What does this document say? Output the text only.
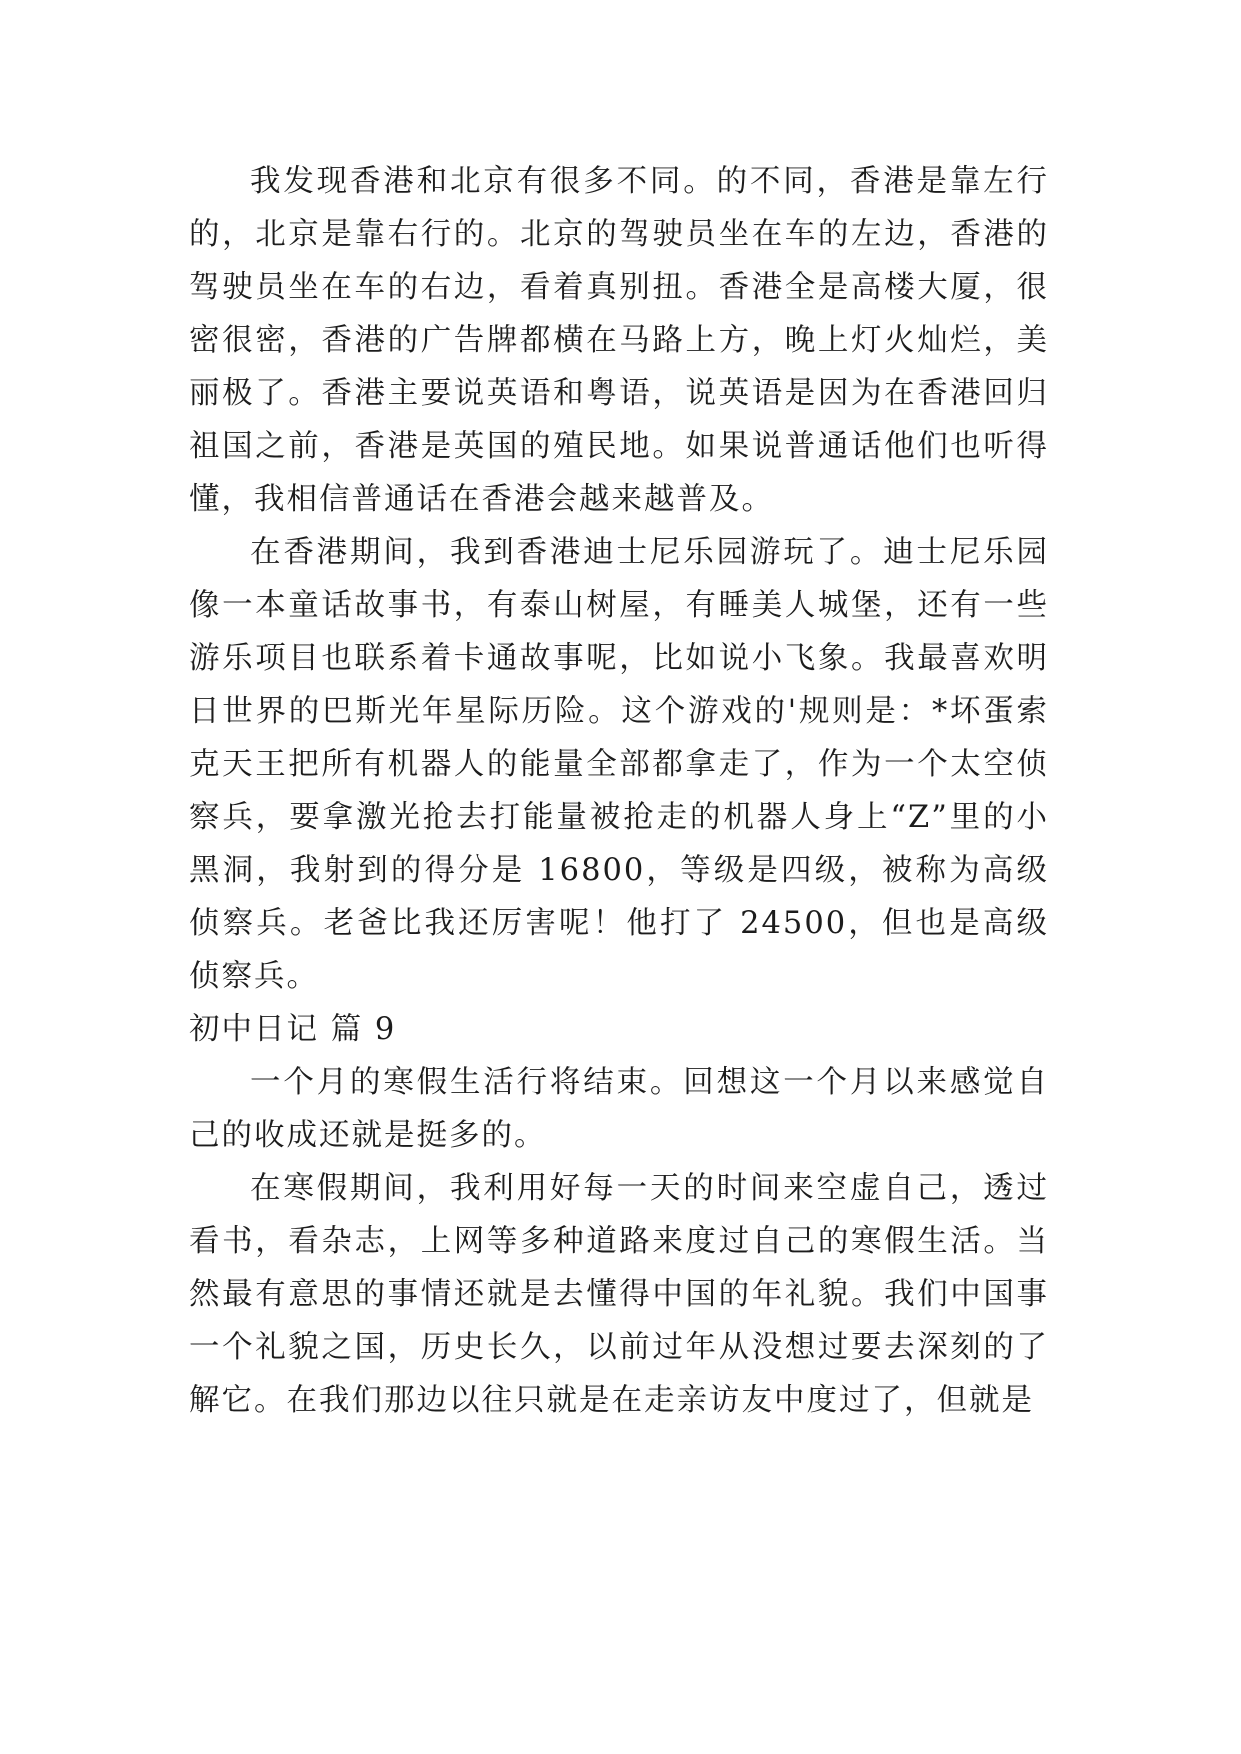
我发现香港和北京有很多不同。的不同，香港是靠左行的，北京是靠右行的。北京的驾驶员坐在车的左边，香港的驾驶员坐在车的右边，看着真别扭。香港全是高楼大厦，很密很密，香港的广告牌都横在马路上方，晚上灯火灿烂，美丽极了。香港主要说英语和粤语，说英语是因为在香港回归祖国之前，香港是英国的殖民地。如果说普通话他们也听得懂，我相信普通话在香港会越来越普及。

在香港期间，我到香港迪士尼乐园游玩了。迪士尼乐园像一本童话故事书，有泰山树屋，有睡美人城堡，还有一些游乐项目也联系着卡通故事呢，比如说小飞象。我最喜欢明日世界的巴斯光年星际历险。这个游戏的'规则是：*坏蛋索克天王把所有机器人的能量全部都拿走了，作为一个太空侦察兵，要拿激光抢去打能量被抢走的机器人身上“Z”里的小黑洞，我射到的得分是 16800，等级是四级，被称为高级侦察兵。老爸比我还厉害呢！他打了 24500，但也是高级侦察兵。

初中日记 篇 9

一个月的寒假生活行将结束。回想这一个月以来感觉自己的收成还就是挺多的。

在寒假期间，我利用好每一天的时间来空虚自己，透过看书，看杂志，上网等多种道路来度过自己的寒假生活。当然最有意思的事情还就是去懂得中国的年礼貌。我们中国事一个礼貌之国，历史长久，以前过年从没想过要去深刻的了解它。在我们那边以往只就是在走亲访友中度过了，但就是
